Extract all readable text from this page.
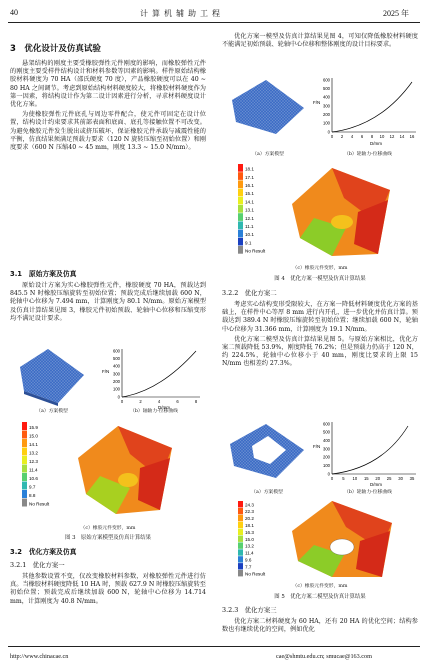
40	计 算 机 辅 助 工 程	2025 年
3　优化设计及仿真试验

悬架结构的刚度主要受橡胶弹性元件刚度的影响，而橡胶弹性元件的刚度主要受样件结构设计和材料参数等因素的影响。样件原始结构橡胶材料硬度为 70 HA（邵氏硬度 70 度），产品橡胶硬度可以在 40 ~ 80 HA 之间调节。考虑到原始结构材料硬度较大，将橡胶材料硬度作为第一因素，将结构设计作为第二设计因素进行分析，寻求材料硬度设计优化方案。

为使橡胶弹性元件底孔与周边零件配合，使元件可固定在设计位置，结构设计约束要求其前部表面和底面、底孔等接触位置不可改变。为避免橡胶元件发生脱出或挤压破坏，保证橡胶元件承载与减震性能的平衡，仿真结果须满足预载力要求（120 N 旋转压缩至初始位置）和刚度要求（600 N 压缩40 ~ 45 mm，刚度 13.3 ~ 15.0 N/mm）。

3.1　原始方案及仿真

原始设计方案为实心橡胶弹性元件，橡胶硬度 70 HA，预载达到845.5 N 时橡胶压缩旋转至初始位置；预载完成后继续加载 600 N，轮轴中心位移为 7.494 mm，计算刚度为 80.1 N/mm。原始方案模型及仿真计算结果见图 3，橡胶元件初始预载、轮轴中心位移和压缩变形均不满足设计要求。

（a）方案模型
600
500
400
300
200
100
0
0	2	4	6	8
F/N
D/mm
（b）轴轴力-位移曲线
15.9
15.0
14.1
13.2
12.3
11.4
10.6
9.7
8.8
No Result
（c）橡胶元件变形，mm
图 3　原始方案模型及仿真计算结果
3.2　优化方案及仿真
3.2.1　优化方案一

其他参数设置不变，仅改变橡胶材料参数，对橡胶弹性元件进行仿真。当橡胶材料硬度降低 10 HA 时，预载 627.9 N 时橡胶压缩旋转至初始位置；预载完成后继续加载 600 N，轮轴中心位移为 14.714 mm，计算刚度为 40.8 N/mm。

优化方案一模型及仿真计算结果见图 4，可知仅降低橡胶材料硬度不能满足初始预载、轮轴中心位移和整体刚度的设计目标要求。

（a）方案模型
600
500
400
300
200
100
0
0 2 4 6 8 10 12 14 16
F/N
D/mm
（b）轮轴力-位移曲线
18.1
17.1
16.1
15.1
14.1
13.1
12.1
11.1
10.1
9.1
No Result
（c）橡胶元件变形，mm
图 4　优化方案一模型及仿真计算结果
3.2.2　优化方案二

考虑实心结构变形受限较大，在方案一降低材料硬度优化方案的基础上，在样件中心等厚 8 mm 进行内开孔，进一步优化并仿真计算。预载达到 389.4 N 时橡胶压缩旋转至初始位置；继续加载 600 N，轮轴中心位移为 31.366 mm，计算刚度为 19.1 N/mm。

优化方案二模型及仿真计算结果见图 5。与原始方案相比，优化方案二预载降低 53.9%，刚度降低 76.2%；但是预载力仍高于 120 N，约 224.5%，轮轴中心位移小于 40 mm，刚度比要求的上限 15 N/mm 也相差约 27.3%。

（a）方案模型
600
500
400
300
200
100
0
0 5 10 15 20 25 30 35
F/N
D/mm
（b）轮轴力-位移曲线
24.3
22.3
20.2
18.1
16.3
15.0
13.2
11.4
9.6
7.7
No Result
（c）橡胶元件变形，mm
图 5　优化方案二模型及仿真计算结果
3.2.3　优化方案三

优化方案二材料硬度为 60 HA，还有 20 HA 的优化空间；结构参数也有继续优化的空间，例如优化

http://www.chinacae.cn	cae@shmtu.edu.cn; smucae@163.com
